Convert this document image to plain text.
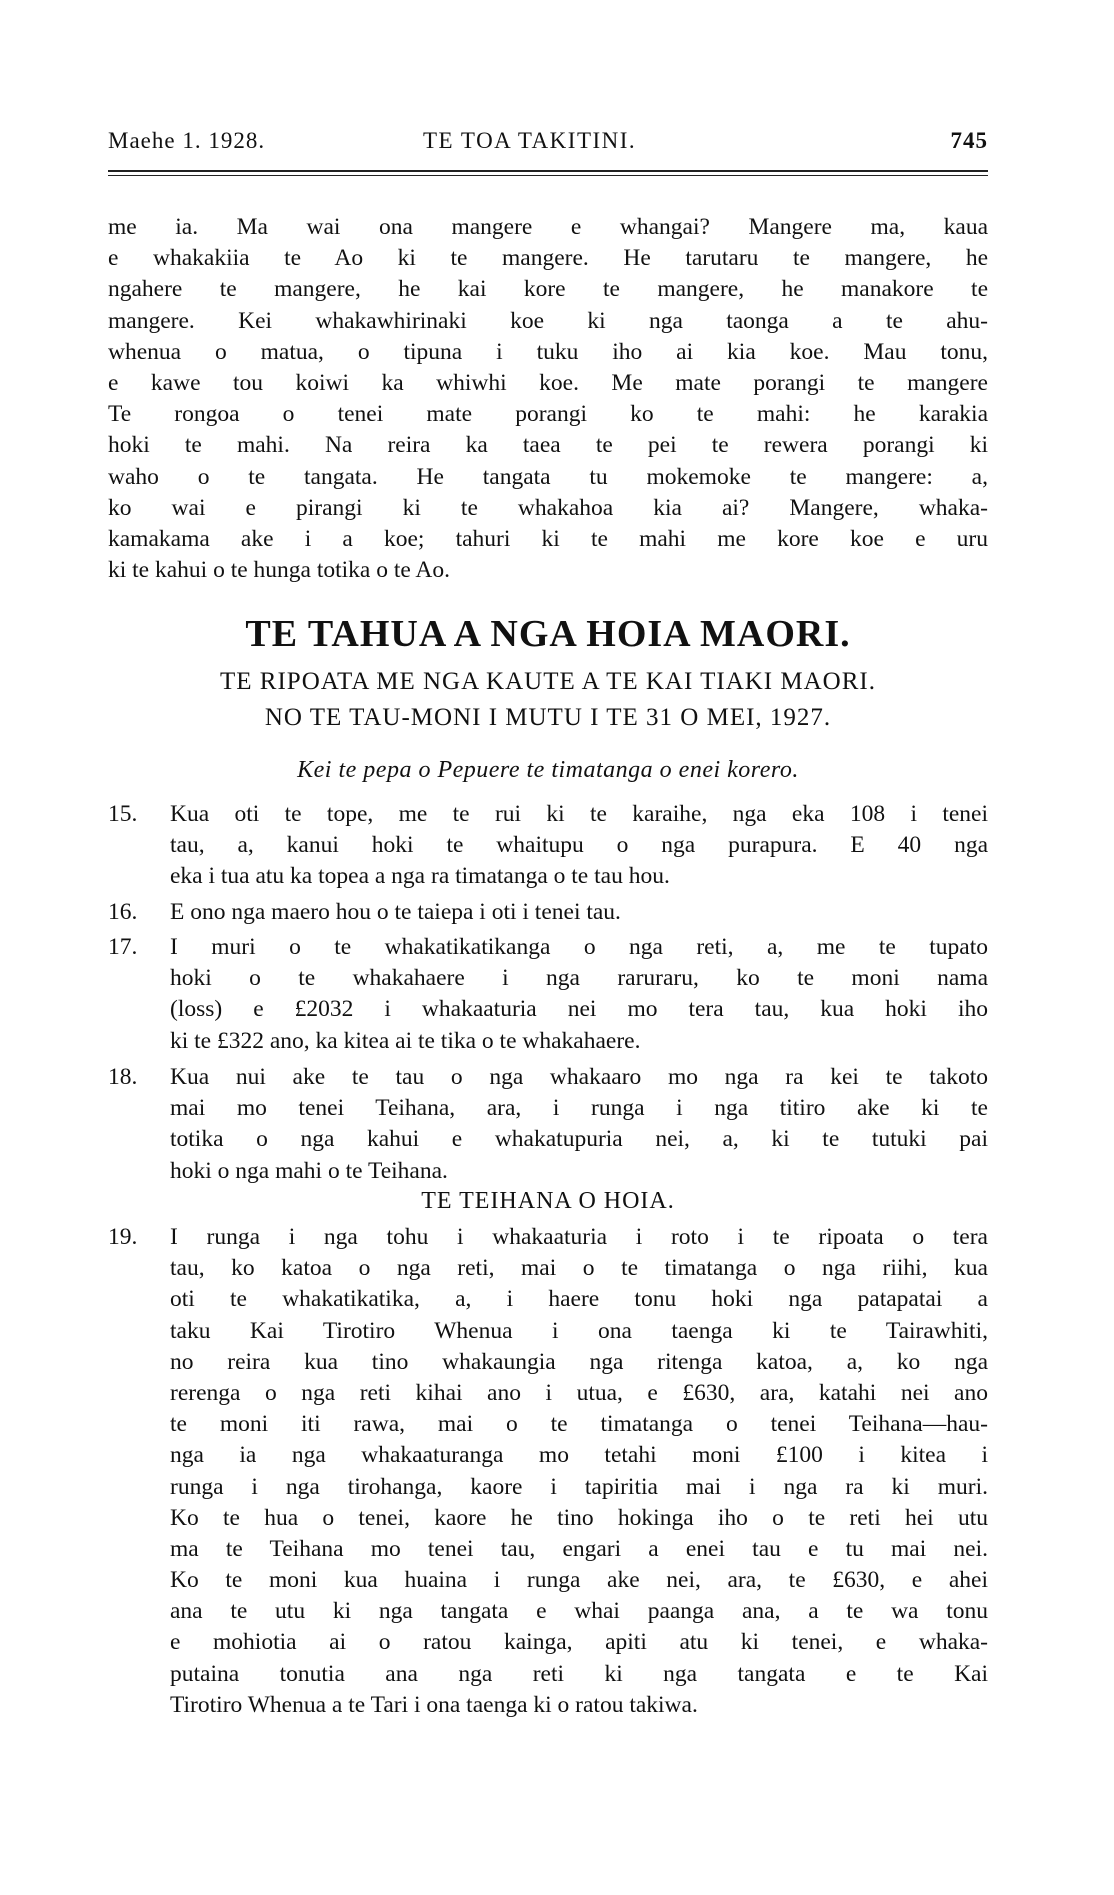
Maehe 1. 1928.	TE TOA TAKITINI.	745
me ia. Ma wai ona mangere e whangai? Mangere ma, kaua
e whakakiia te Ao ki te mangere. He tarutaru te mangere, he
ngahere te mangere, he kai kore te mangere, he manakore te
mangere. Kei whakawhirinaki koe ki nga taonga a te ahu-
whenua o matua, o tipuna i tuku iho ai kia koe. Mau tonu,
e kawe tou koiwi ka whiwhi koe. Me mate porangi te mangere
Te rongoa o tenei mate porangi ko te mahi: he karakia
hoki te mahi. Na reira ka taea te pei te rewera porangi ki
waho o te tangata. He tangata tu mokemoke te mangere: a,
ko wai e pirangi ki te whakahoa kia ai? Mangere, whaka-
kamakama ake i a koe; tahuri ki te mahi me kore koe e uru
ki te kahui o te hunga totika o te Ao.
TE TAHUA A NGA HOIA MAORI.
TE RIPOATA ME NGA KAUTE A TE KAI TIAKI MAORI.
NO TE TAU-MONI I MUTU I TE 31 O MEI, 1927.
Kei te pepa o Pepuere te timatanga o enei korero.
15. Kua oti te tope, me te rui ki te karaihe, nga eka 108 i tenei
tau, a, kanui hoki te whaitupu o nga purapura. E 40 nga
eka i tua atu ka topea a nga ra timatanga o te tau hou.
16. E ono nga maero hou o te taiepa i oti i tenei tau.
17. I muri o te whakatikatikanga o nga reti, a, me te tupato
hoki o te whakahaere i nga raruraru, ko te moni nama
(loss) e £2032 i whakaaturia nei mo tera tau, kua hoki iho
ki te £322 ano, ka kitea ai te tika o te whakahaere.
18. Kua nui ake te tau o nga whakaaro mo nga ra kei te takoto
mai mo tenei Teihana, ara, i runga i nga titiro ake ki te
totika o nga kahui e whakatupuria nei, a, ki te tutuki pai
hoki o nga mahi o te Teihana.
TE TEIHANA O HOIA.
19. I runga i nga tohu i whakaaturia i roto i te ripoata o tera
tau, ko katoa o nga reti, mai o te timatanga o nga riihi, kua
oti te whakatikatika, a, i haere tonu hoki nga patapatai a
taku Kai Tirotiro Whenua i ona taenga ki te Tairawhiti,
no reira kua tino whakaungia nga ritenga katoa, a, ko nga
rerenga o nga reti kihai ano i utua, e £630, ara, katahi nei ano
te moni iti rawa, mai o te timatanga o tenei Teihana—hau-
nga ia nga whakaaturanga mo tetahi moni £100 i kitea i
runga i nga tirohanga, kaore i tapiritia mai i nga ra ki muri.
Ko te hua o tenei, kaore he tino hokinga iho o te reti hei utu
ma te Teihana mo tenei tau, engari a enei tau e tu mai nei.
Ko te moni kua huaina i runga ake nei, ara, te £630, e ahei
ana te utu ki nga tangata e whai paanga ana, a te wa tonu
e mohiotia ai o ratou kainga, apiti atu ki tenei, e whaka-
putaina tonutia ana nga reti ki nga tangata e te Kai
Tirotiro Whenua a te Tari i ona taenga ki o ratou takiwa.
